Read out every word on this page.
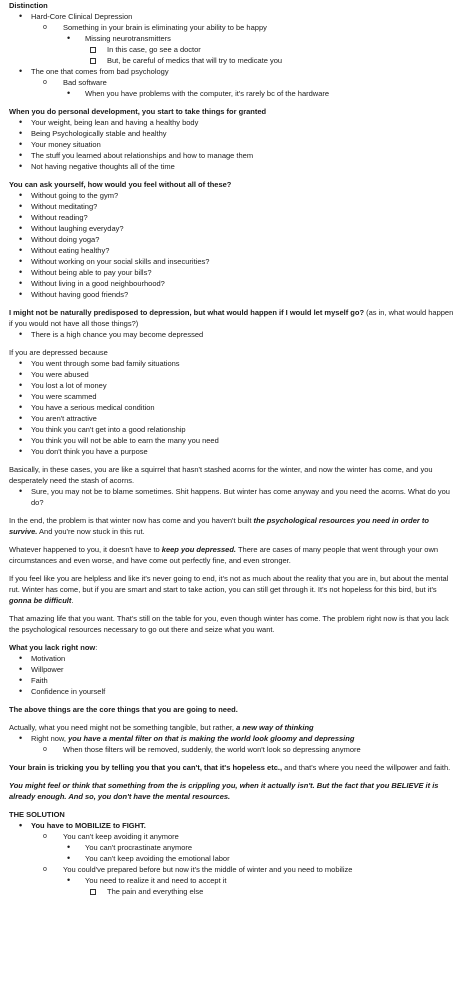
Distinction
•
Hard-Core Clinical Depression
o
Something in your brain is eliminating your ability to be happy
•
Missing neurotransmitters
In this case, go see a doctor
But, be careful of medics that will try to medicate you
•
The one that comes from bad psychology
o
Bad software
•
When you have problems with the computer, it's rarely bc of the hardware
When you do personal development, you start to take things for granted
•
Your weight, being lean and having a healthy body
•
Being Psychologically stable and healthy
•
Your money situation
•
The stuff you learned about relationships and how to manage them
•
Not having negative thoughts all of the time
You can ask yourself, how would you feel without all of these?
•
Without going to the gym?
•
Without meditating?
•
Without reading?
•
Without laughing everyday?
•
Without doing yoga?
•
Without eating healthy?
•
Without working on your social skills and insecurities?
•
Without being able to pay your bills?
•
Without living in a good neighbourhood?
•
Without having good friends?
I might not be naturally predisposed to depression, but what would happen if I would let myself go? (as in, what would happen if you would not have all those things?)
•
There is a high chance you may become depressed
If you are depressed because
•
You went through some bad family situations
•
You were abused
•
You lost a lot of money
•
You were scammed
•
You have a serious medical condition
•
You aren't attractive
•
You think you can't get into a good relationship
•
You think you will not be able to earn the many you need
•
You don't think you have a purpose
Basically, in these cases, you are like a squirrel that hasn't stashed acorns for the winter, and now the winter has come, and you desperately need the stash of acorns.
•
Sure, you may not be to blame sometimes. Shit happens. But winter has come anyway and you need the acorns. What do you do?
In the end, the problem is that winter now has come and you haven't built the psychological resources you need in order to survive. And you're now stuck in this rut.
Whatever happened to you, it doesn't have to keep you depressed. There are cases of many people that went through your own circumstances and even worse, and have come out perfectly fine, and even stronger.
If you feel like you are helpless and like it's never going to end, it's not as much about the reality that you are in, but about the mental rut. Winter has come, but if you are smart and start to take action, you can still get through it. It's not hopeless for this bird, but it's gonna be difficult.
That amazing life that you want. That's still on the table for you, even though winter has come. The problem right now is that you lack the psychological resources necessary to go out there and seize what you want.
What you lack right now:
•
Motivation
•
Willpower
•
Faith
•
Confidence in yourself
The above things are the core things that you are going to need.
Actually, what you need might not be something tangible, but rather, a new way of thinking
•
Right now, you have a mental filter on that is making the world look gloomy and depressing
o
When those filters will be removed, suddenly, the world won't look so depressing anymore
Your brain is tricking you by telling you that you can't, that it's hopeless etc., and that's where you need the willpower and faith.
You might feel or think that something from the is crippling you, when it actually isn't. But the fact that you BELIEVE it is already enough. And so, you don't have the mental resources.
THE SOLUTION
•
You have to MOBILIZE to FIGHT.
o
You can't keep avoiding it anymore
•
You can't procrastinate anymore
•
You can't keep avoiding the emotional labor
o
You could've prepared before but now it's the middle of winter and you need to mobilize
•
You need to realize it and need to accept it
The pain and everything else
